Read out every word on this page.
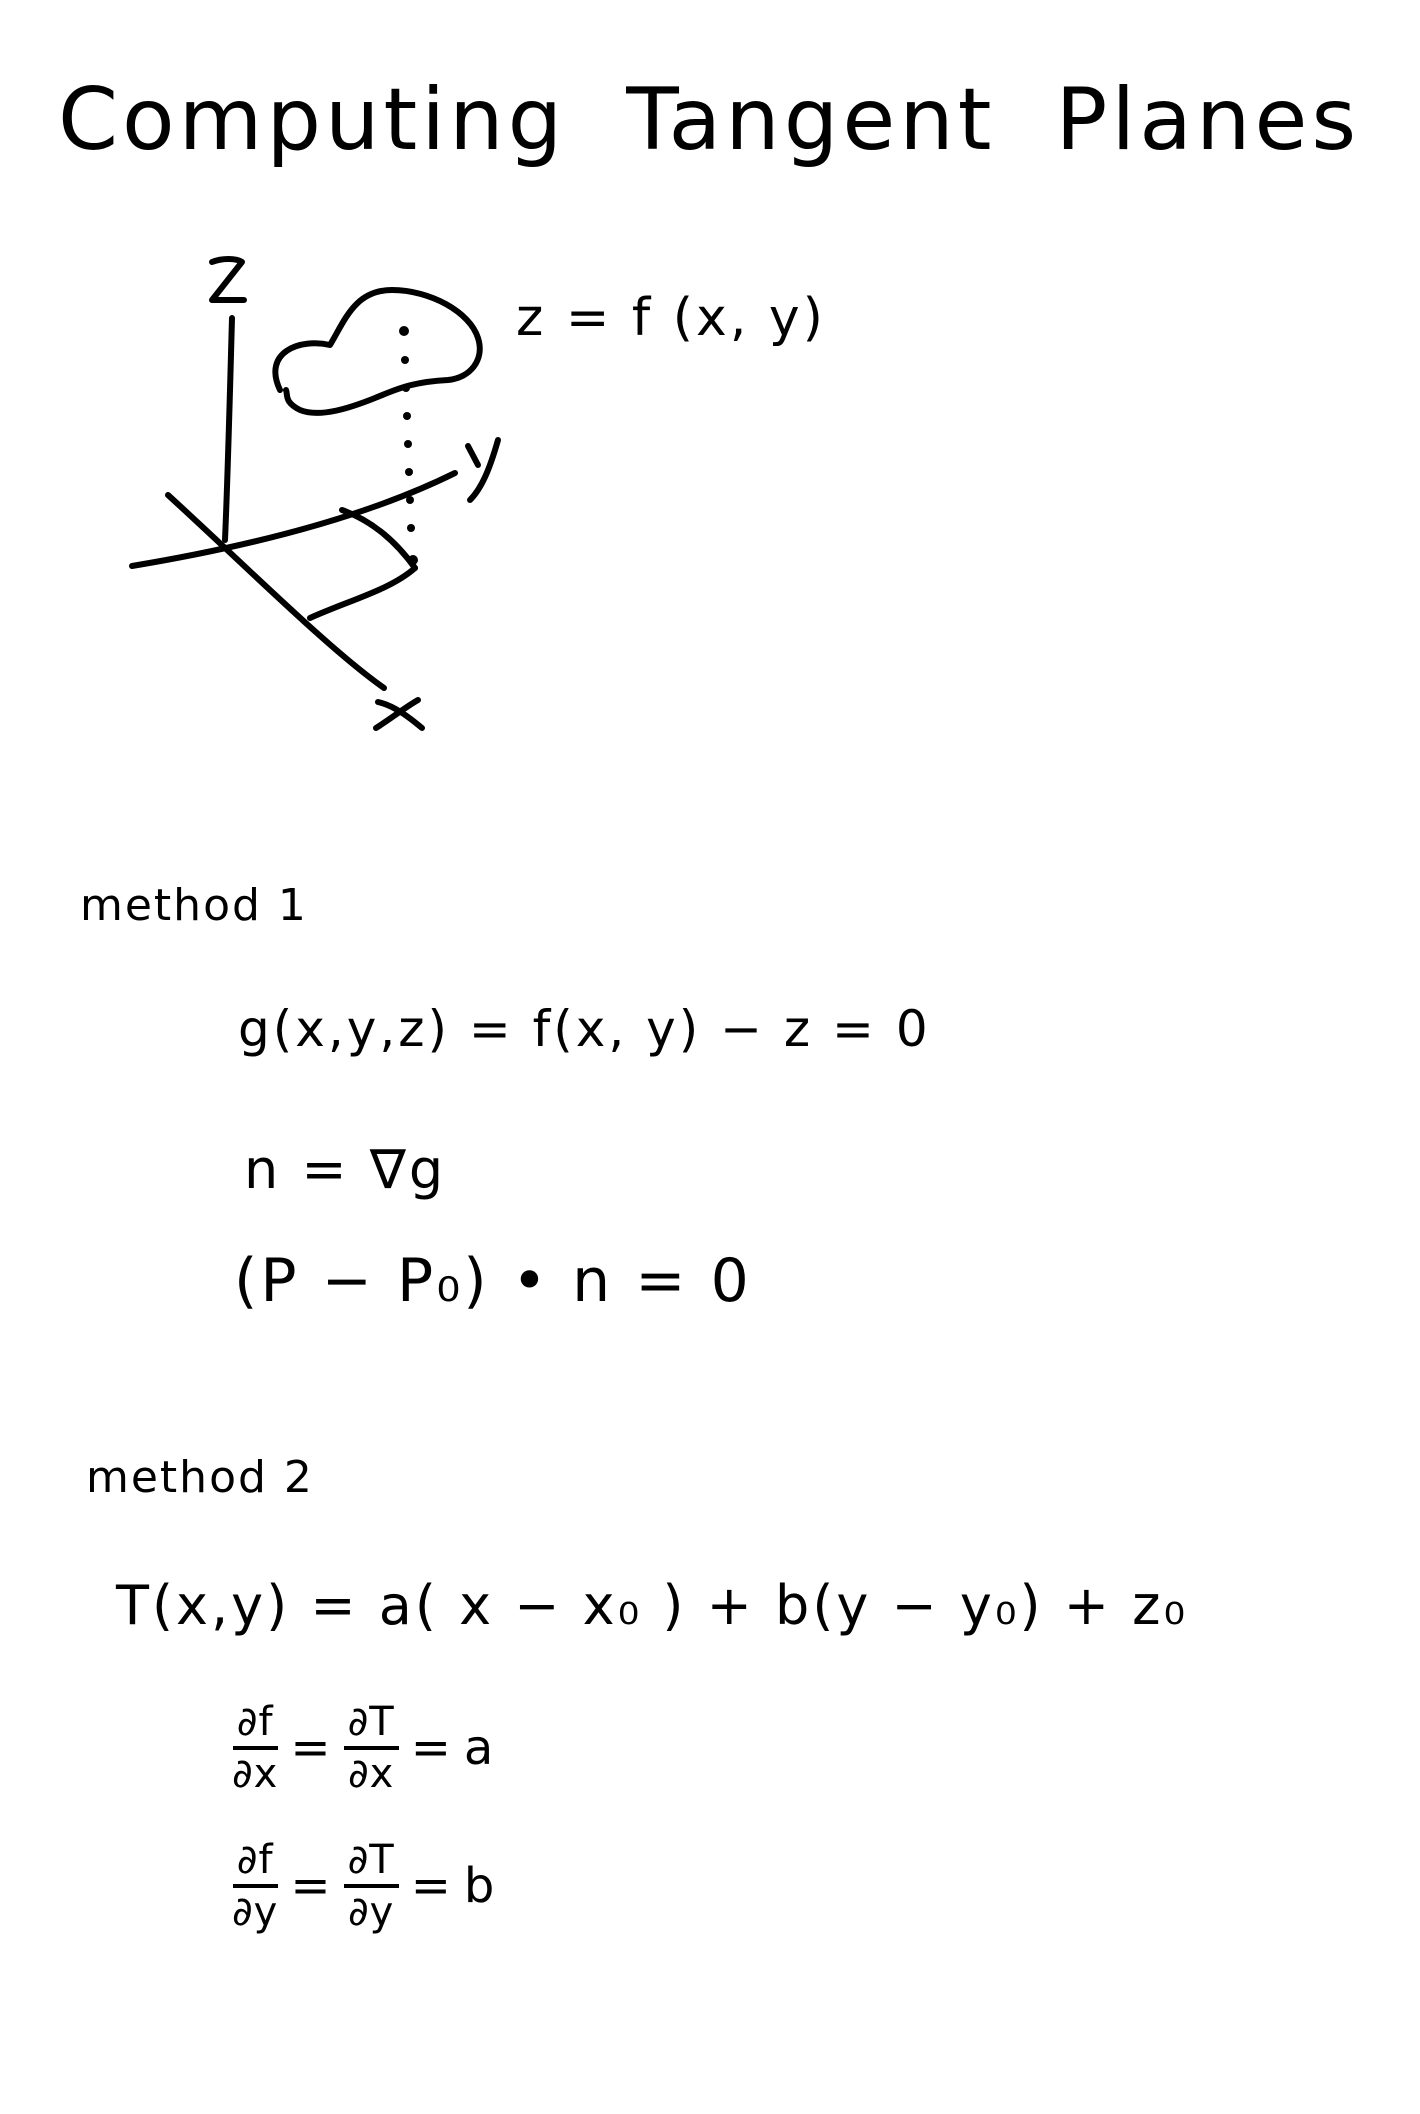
Computing Tangent Planes
z = f (x, y)
method 1
g(x,y,z) = f(x, y) − z = 0
n = ∇g
(P − P₀) • n = 0
method 2
T(x,y) = a( x − x₀ ) + b(y − y₀) + z₀
$\frac{\partial f}{\partial x} = \frac{\partial T}{\partial x} = a$
$\frac{\partial f}{\partial y} = \frac{\partial T}{\partial y} = b$
